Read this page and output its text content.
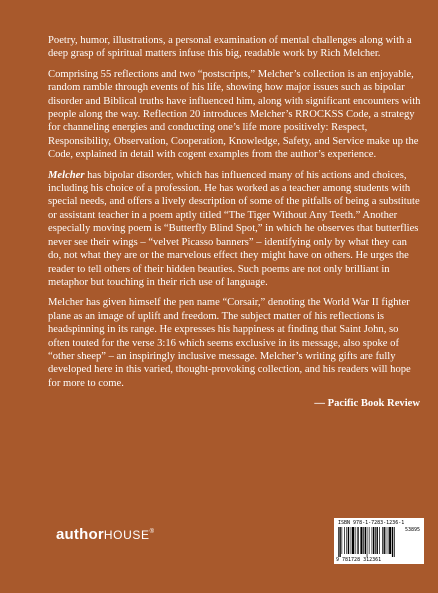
Poetry, humor, illustrations, a personal examination of mental challenges along with a deep grasp of spiritual matters infuse this big, readable work by Rich Melcher.

Comprising 55 reflections and two “postscripts,” Melcher’s collection is an enjoyable, random ramble through events of his life, showing how major issues such as bipolar disorder and Biblical truths have influenced him, along with significant encounters with people along the way. Reflection 20 introduces Melcher’s RROCKSS Code, a strategy for channeling energies and conducting one’s life more positively: Respect, Responsibility, Observation, Cooperation, Knowledge, Safety, and Service make up the Code, explained in detail with cogent examples from the author’s experience.

Melcher has bipolar disorder, which has influenced many of his actions and choices, including his choice of a profession. He has worked as a teacher among students with special needs, and offers a lively description of some of the pitfalls of being a substitute or assistant teacher in a poem aptly titled “The Tiger Without Any Teeth.” Another especially moving poem is “Butterfly Blind Spot,” in which he observes that butterflies never see their wings – “velvet Picasso banners” – identifying only by what they can do, not what they are or the marvelous effect they might have on others. He urges the reader to tell others of their hidden beauties. Such poems are not only brilliant in metaphor but touching in their rich use of language.

Melcher has given himself the pen name “Corsair,” denoting the World War II fighter plane as an image of uplift and freedom. The subject matter of his reflections is headspinning in its range. He expresses his happiness at finding that Saint John, so often touted for the verse 3:16 which seems exclusive in its message, also spoke of “other sheep” – an inspiringly inclusive message. Melcher’s writing gifts are fully developed here in this varied, thought-provoking collection, and his readers will hope for more to come.

— Pacific Book Review
authorHOUSE®
ISBN 978-1-7283-1236-1
53895
9 781728 312361
